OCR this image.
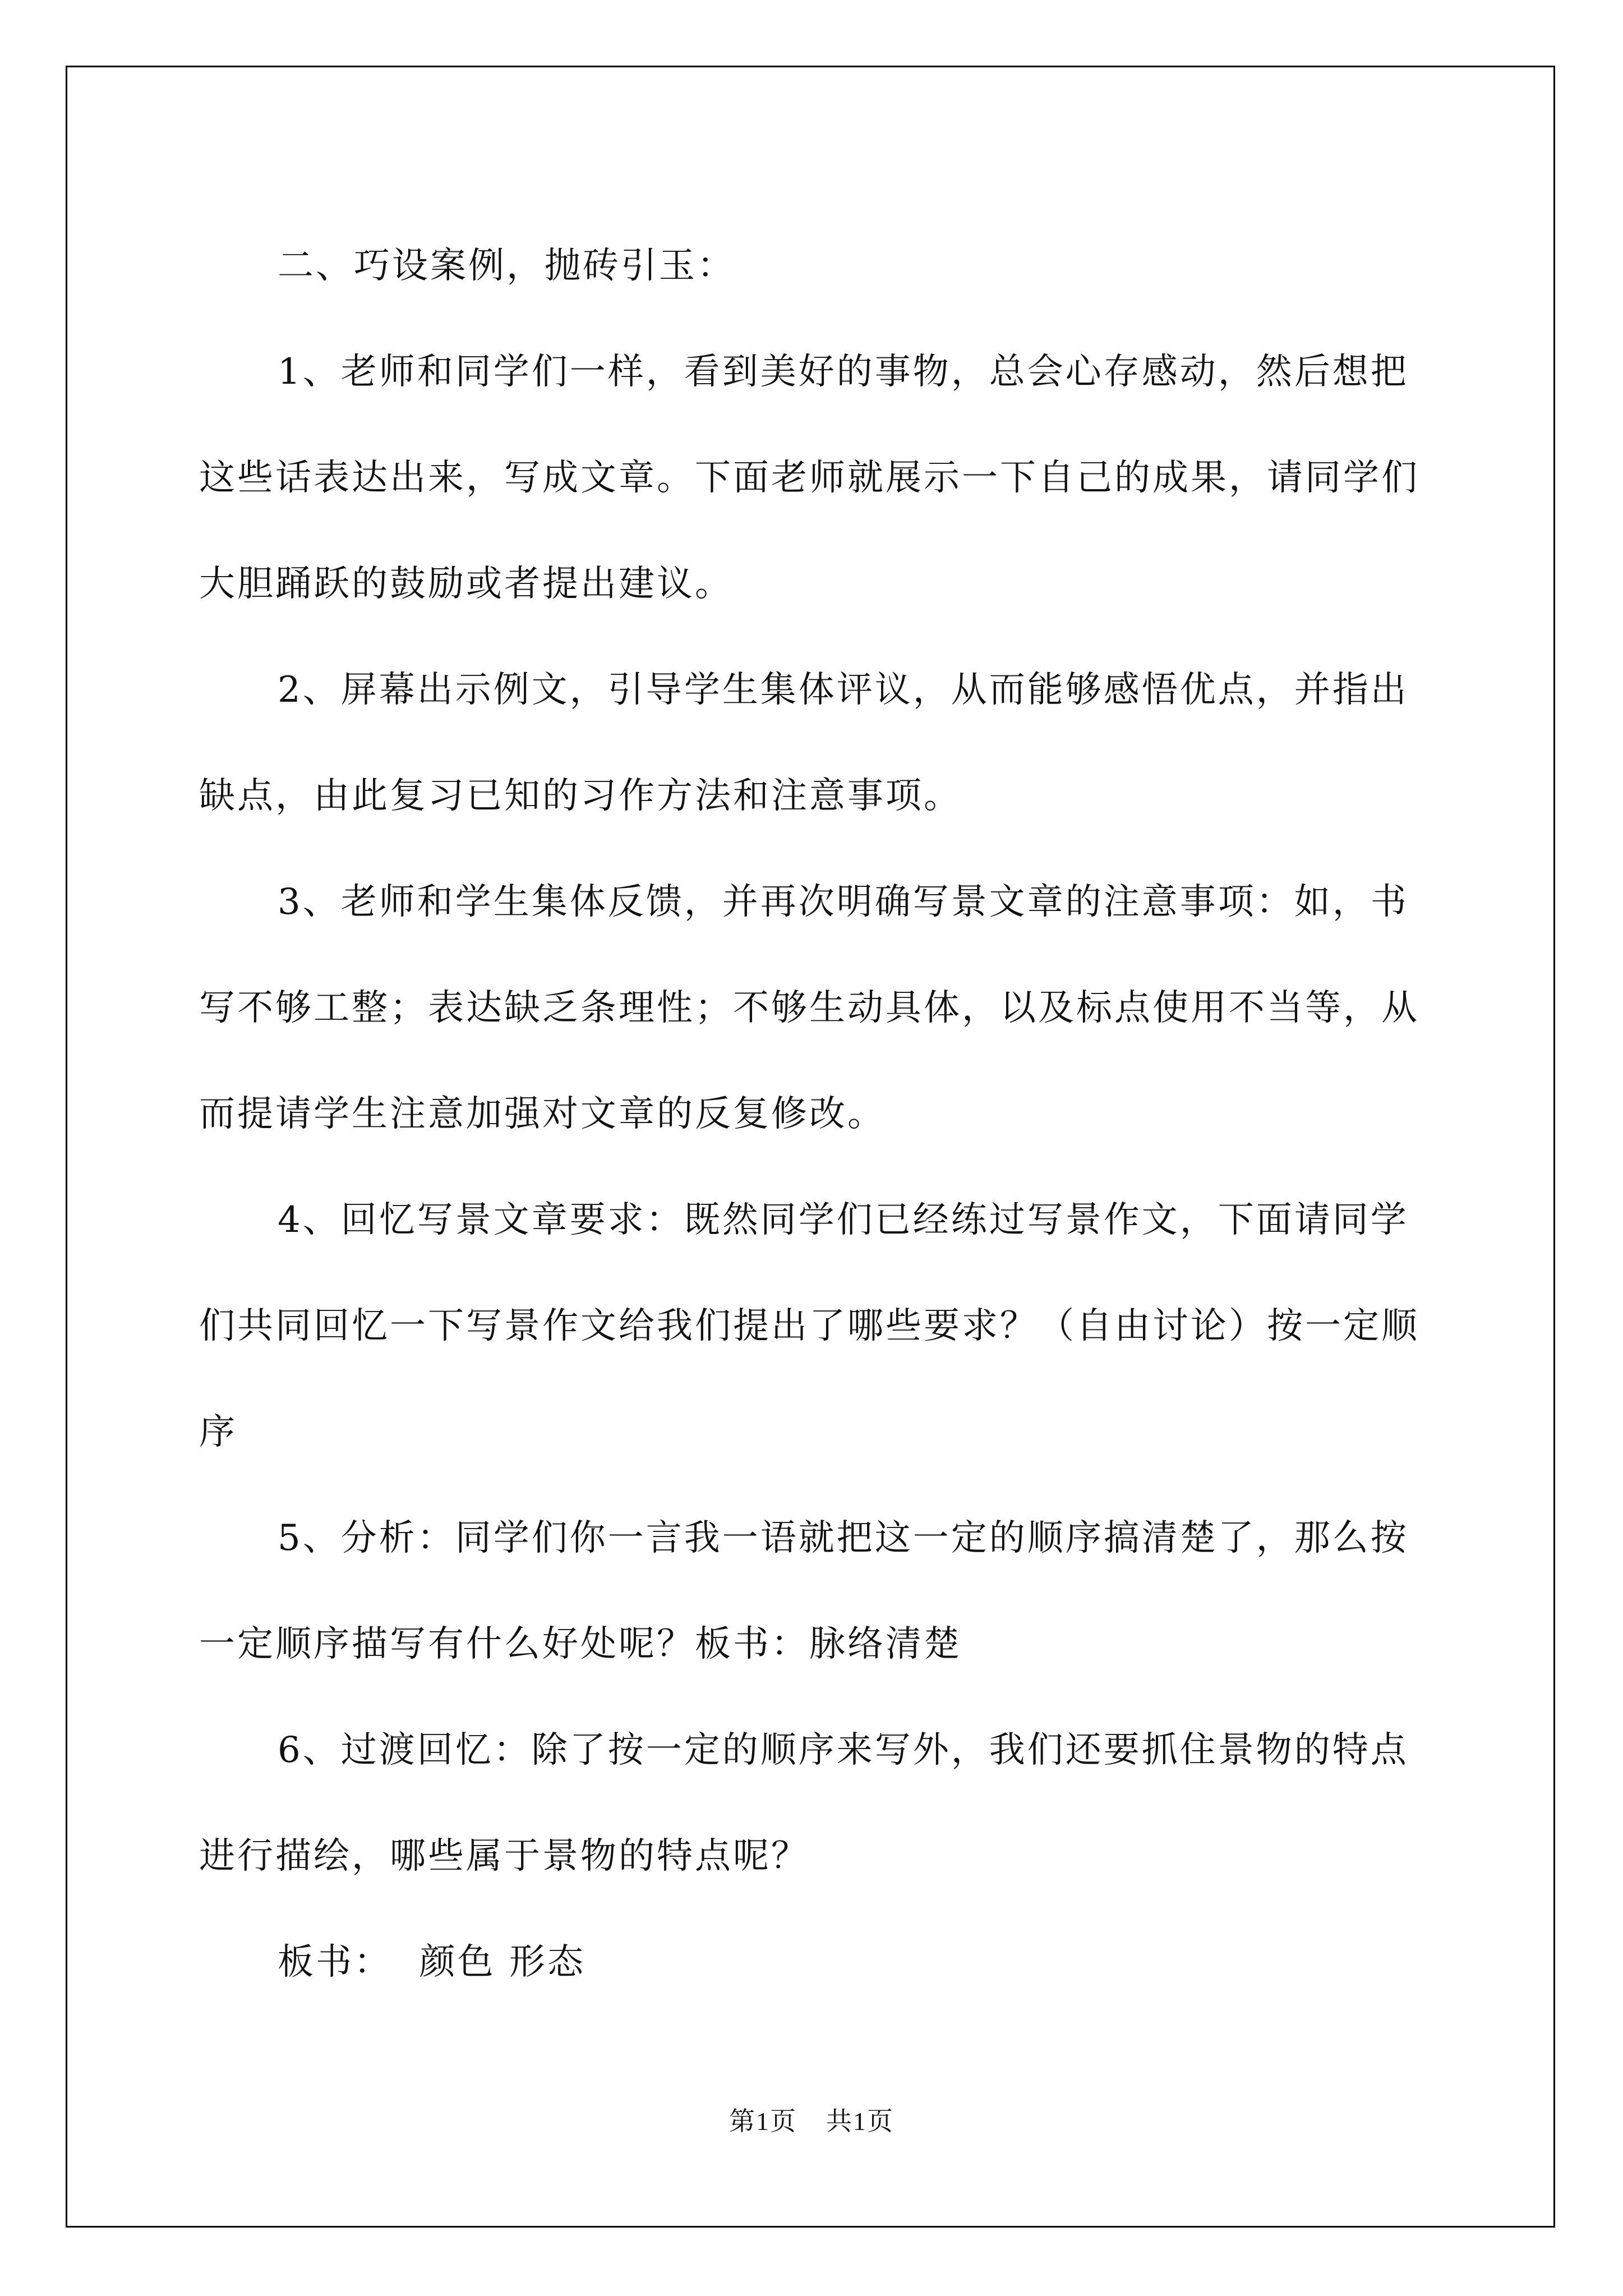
二、巧设案例，抛砖引玉：

1、老师和同学们一样，看到美好的事物，总会心存感动，然后想把这些话表达出来，写成文章。下面老师就展示一下自己的成果，请同学们大胆踊跃的鼓励或者提出建议。

2、屏幕出示例文，引导学生集体评议，从而能够感悟优点，并指出缺点，由此复习已知的习作方法和注意事项。

3、老师和学生集体反馈，并再次明确写景文章的注意事项：如，书写不够工整；表达缺乏条理性；不够生动具体，以及标点使用不当等，从而提请学生注意加强对文章的反复修改。

4、回忆写景文章要求：既然同学们已经练过写景作文，下面请同学们共同回忆一下写景作文给我们提出了哪些要求？（自由讨论）按一定顺序

5、分析：同学们你一言我一语就把这一定的顺序搞清楚了，那么按一定顺序描写有什么好处呢？板书：脉络清楚

6、过渡回忆：除了按一定的顺序来写外，我们还要抓住景物的特点进行描绘，哪些属于景物的特点呢？

板书：  颜色 形态

第1页 共1页
